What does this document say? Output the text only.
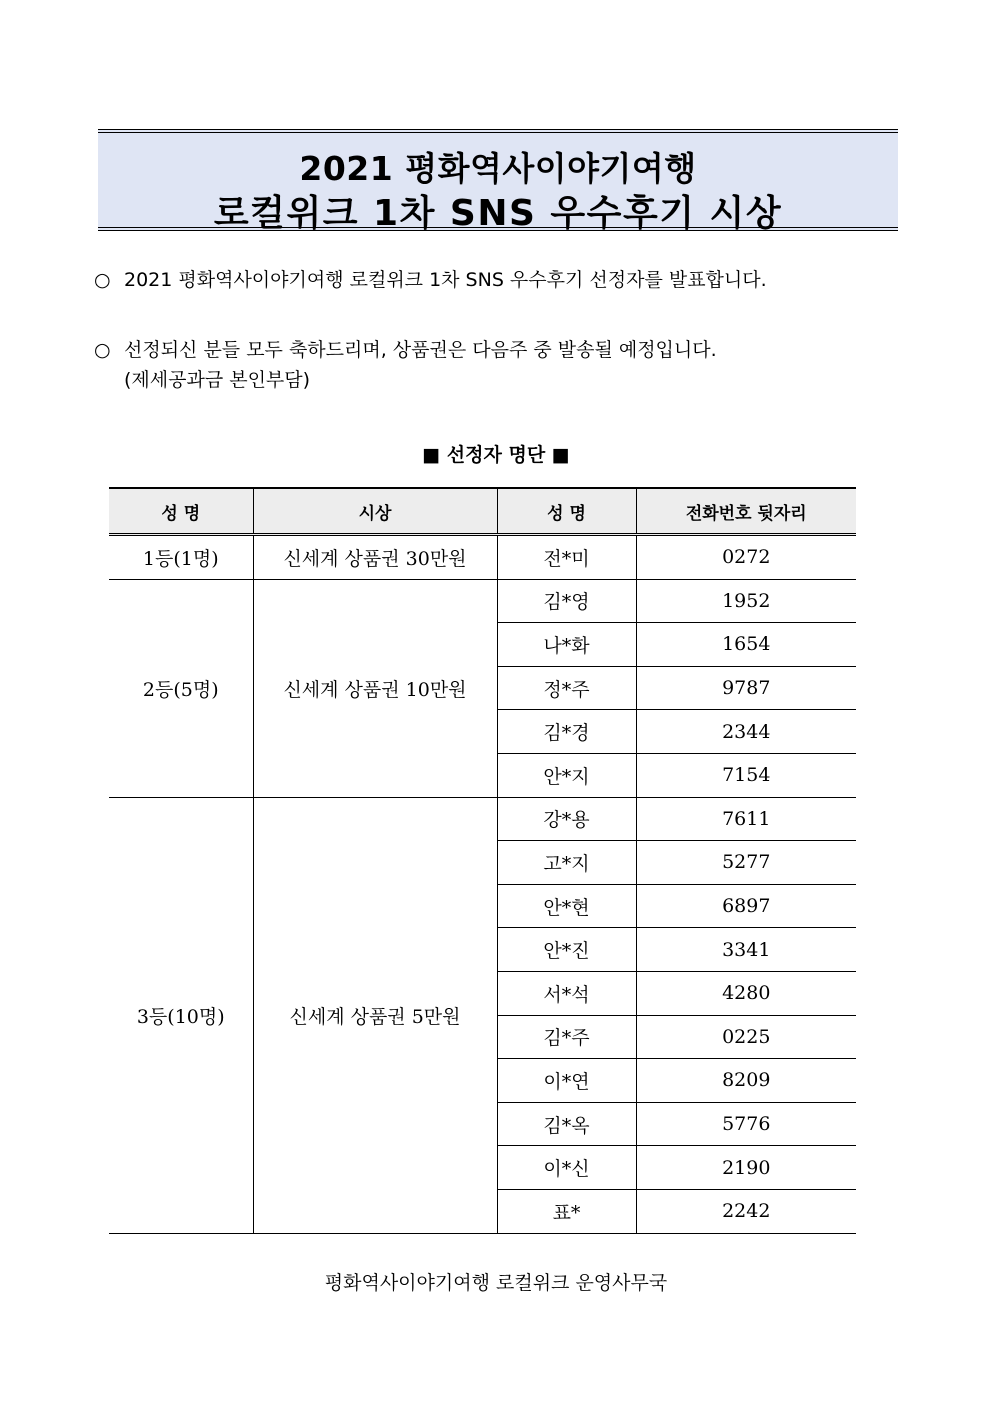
2021 평화역사이야기여행
로컬위크 1차 SNS 우수후기 시상
○ 2021 평화역사이야기여행 로컬위크 1차 SNS 우수후기 선정자를 발표합니다.
○ 선정되신 분들 모두 축하드리며, 상품권은 다음주 중 발송될 예정입니다.
(제세공과금 본인부담)
■ 선정자 명단 ■
성 명	시상	성 명	전화번호 뒷자리
1등(1명)	신세계 상품권 30만원	전*미	0272
2등(5명)	신세계 상품권 10만원	김*영	1952
		나*화	1654
		정*주	9787
		김*경	2344
		안*지	7154
3등(10명)	신세계 상품권 5만원	강*용	7611
		고*지	5277
		안*현	6897
		안*진	3341
		서*석	4280
		김*주	0225
		이*연	8209
		김*옥	5776
		이*신	2190
		표*	2242
평화역사이야기여행 로컬위크 운영사무국
